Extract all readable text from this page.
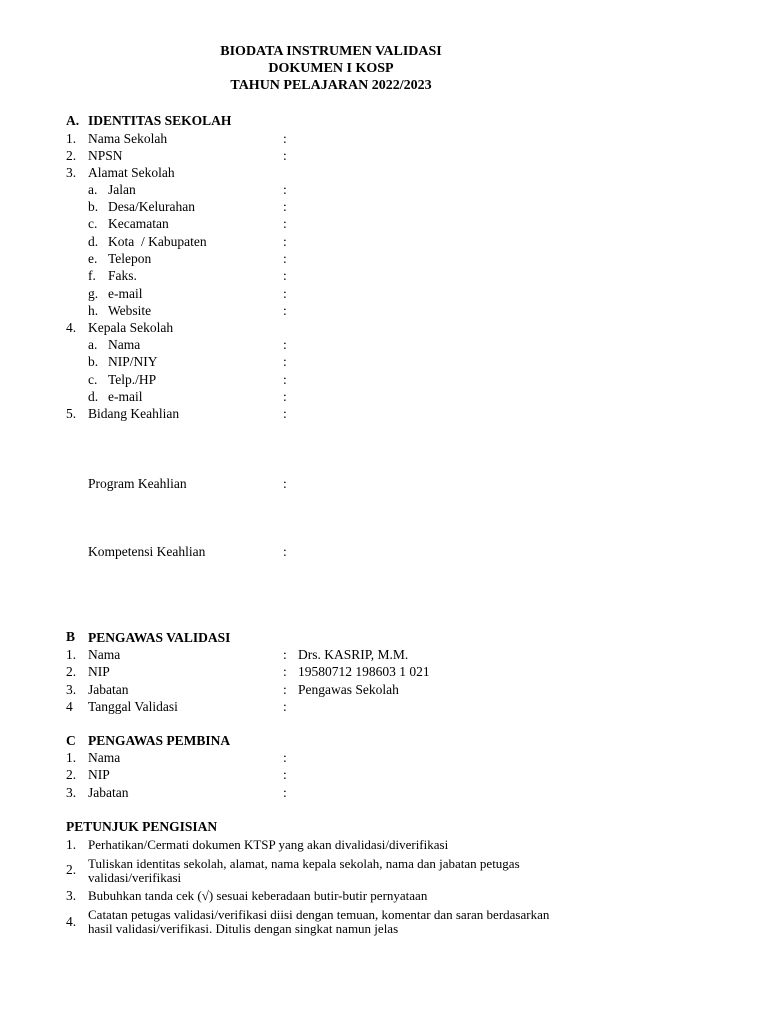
BIODATA INSTRUMEN VALIDASI
DOKUMEN I KOSP
TAHUN PELAJARAN 2022/2023
A. IDENTITAS SEKOLAH
1. Nama Sekolah	:
2. NPSN	:
3. Alamat Sekolah
a. Jalan	:
b. Desa/Kelurahan	:
c. Kecamatan	:
d. Kota  / Kabupaten	:
e. Telepon	:
f. Faks.	:
g. e-mail	:
h. Website	:
4. Kepala Sekolah
a. Nama	:
b. NIP/NIY	:
c. Telp./HP	:
d. e-mail	:
5. Bidang Keahlian	:
Program Keahlian	:
Kompetensi Keahlian	:
B PENGAWAS VALIDASI
1. Nama	: Drs. KASRIP, M.M.
2. NIP	: 19580712 198603 1 021
3. Jabatan	: Pengawas Sekolah
4 Tanggal Validasi	:
C PENGAWAS PEMBINA
1. Nama	:
2. NIP	:
3. Jabatan	:
PETUNJUK PENGISIAN
1. Perhatikan/Cermati dokumen KTSP yang akan divalidasi/diverifikasi
2. Tuliskan identitas sekolah, alamat, nama kepala sekolah, nama dan jabatan petugas
validasi/verifikasi
3. Bubuhkan tanda cek (√) sesuai keberadaan butir-butir pernyataan
4. Catatan petugas validasi/verifikasi diisi dengan temuan, komentar dan saran berdasarkan
hasil validasi/verifikasi. Ditulis dengan singkat namun jelas
